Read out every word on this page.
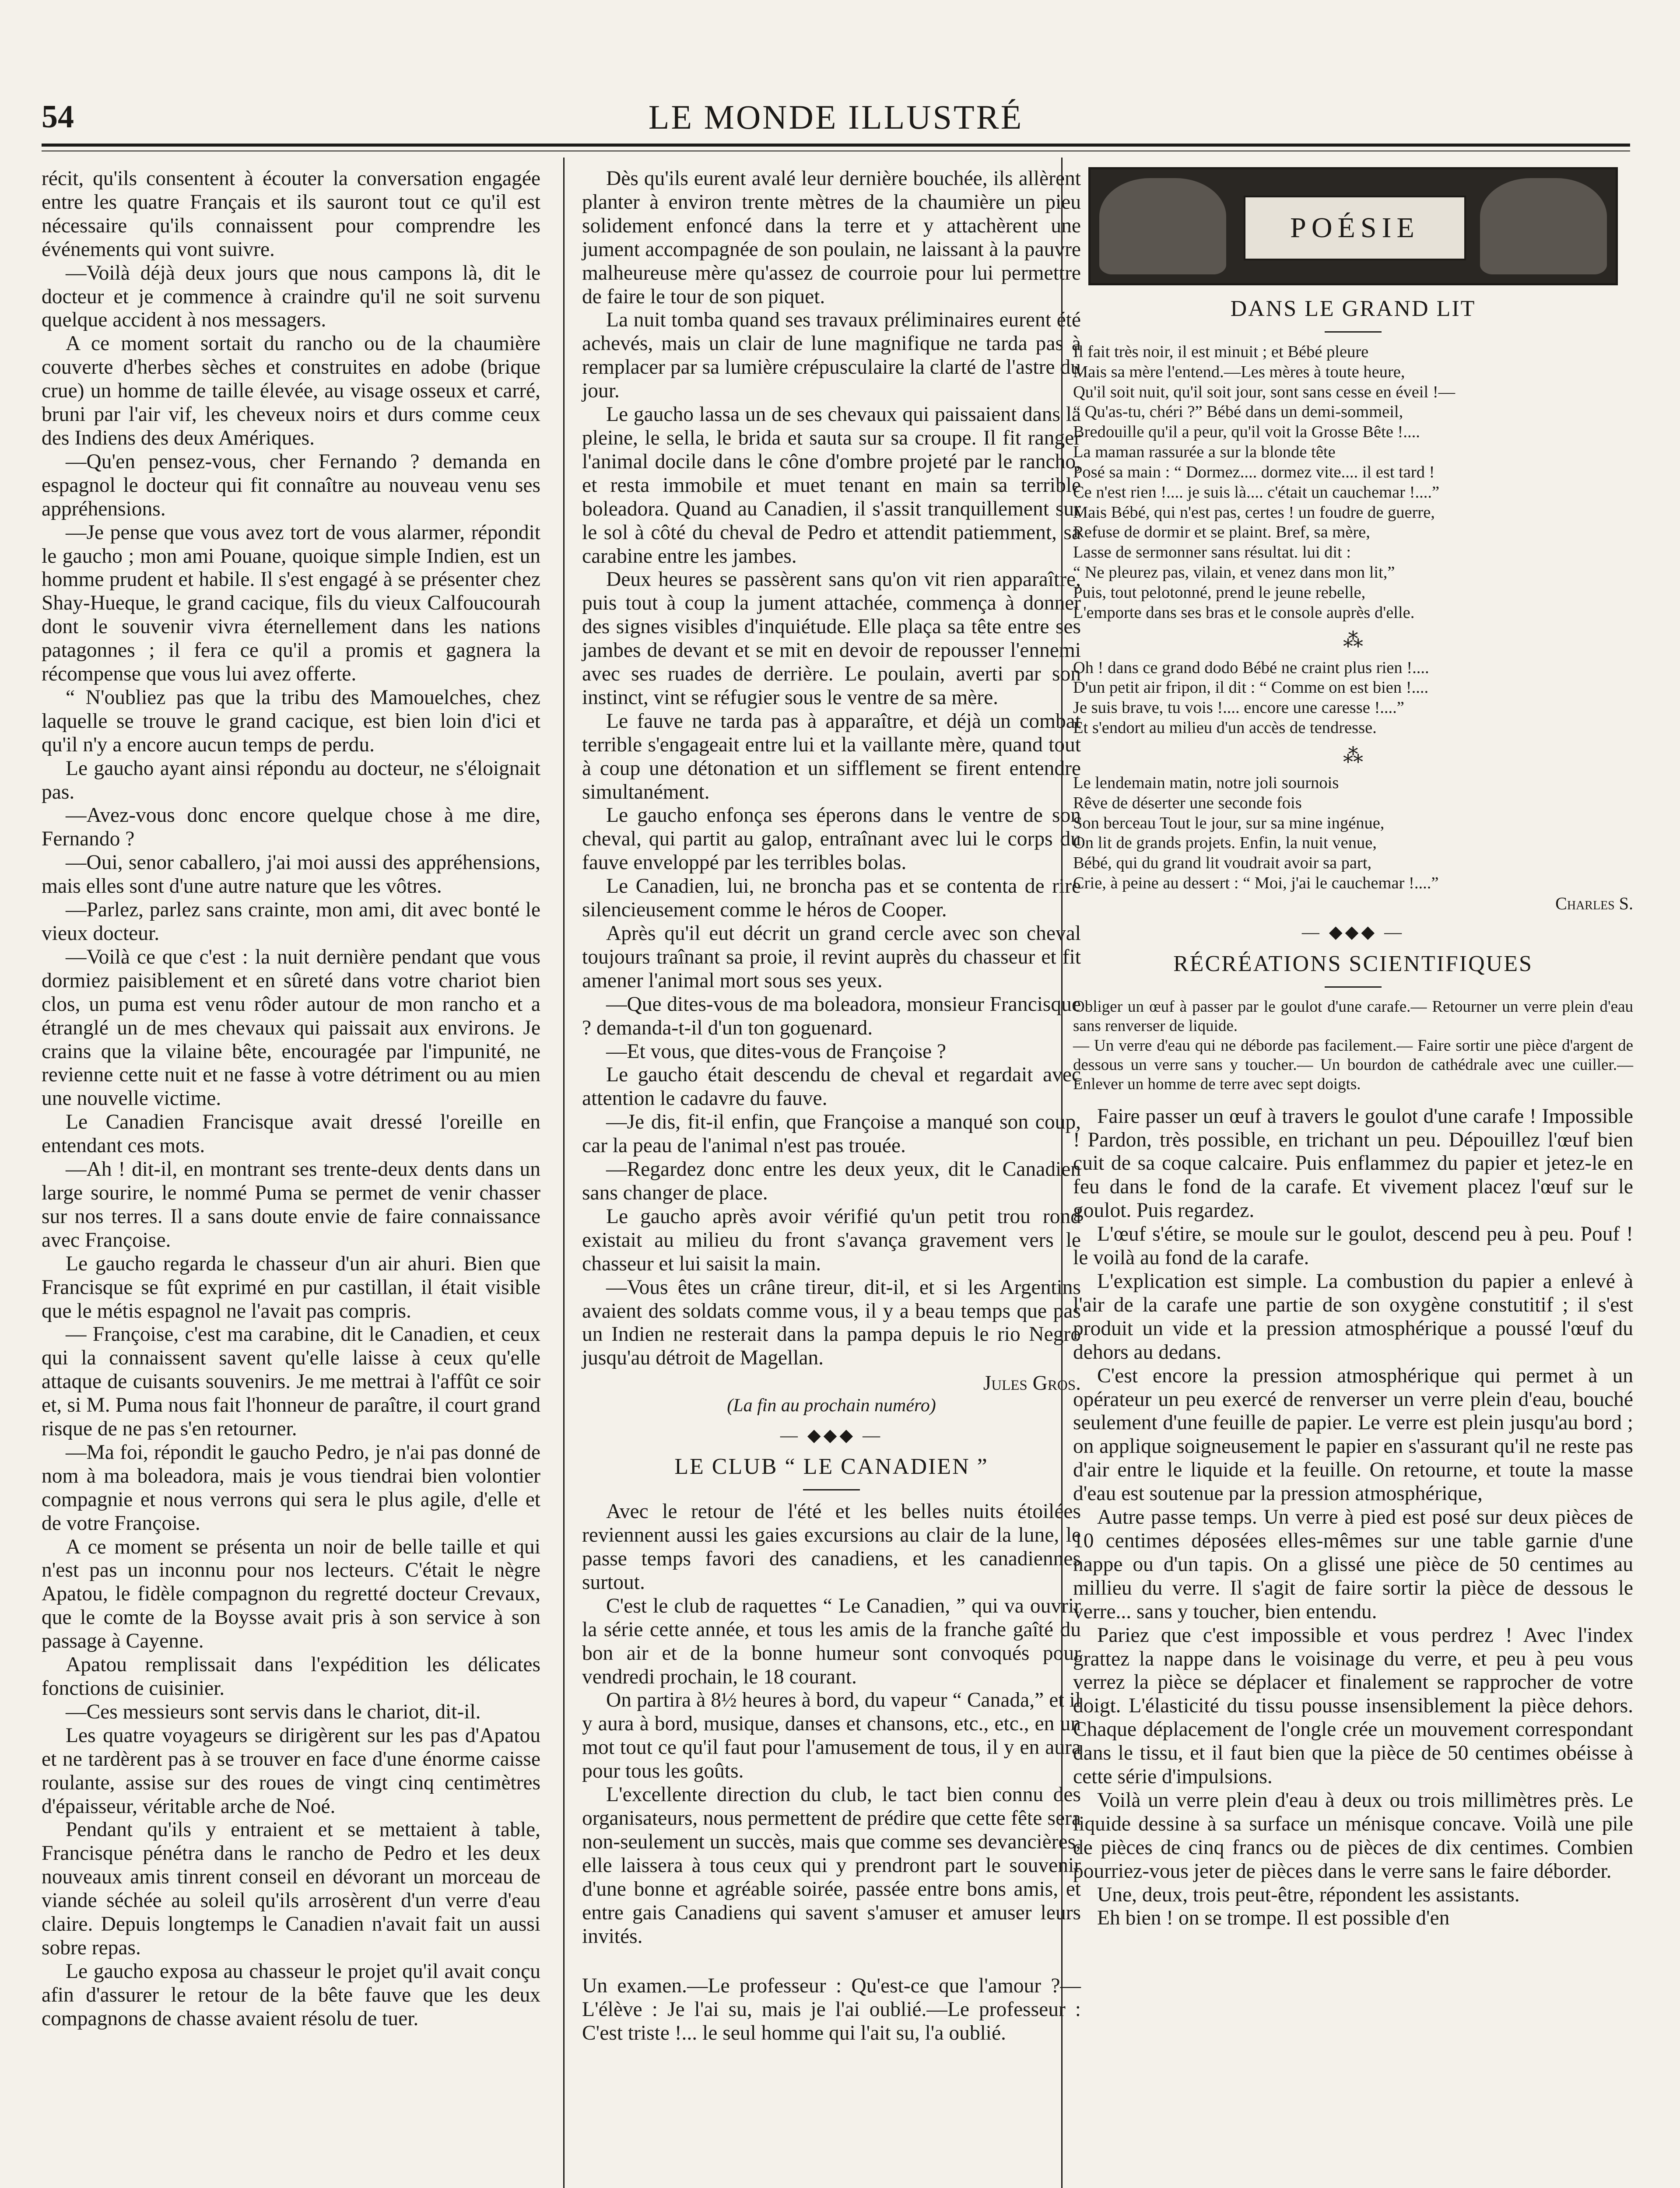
54	LE MONDE ILLUSTRÉ

récit, qu'ils consentent à écouter la conversation engagée entre les quatre Français et ils sauront tout ce qu'il est nécessaire qu'ils connaissent pour comprendre les événements qui vont suivre.

—Voilà déjà deux jours que nous campons là, dit le docteur et je commence à craindre qu'il ne soit survenu quelque accident à nos messagers.

A ce moment sortait du rancho ou de la chaumière couverte d'herbes sèches et construites en adobe (brique crue) un homme de taille élevée, au visage osseux et carré, bruni par l'air vif, les cheveux noirs et durs comme ceux des Indiens des deux Amériques.

—Qu'en pensez-vous, cher Fernando ? demanda en espagnol le docteur qui fit connaître au nouveau venu ses appréhensions.

—Je pense que vous avez tort de vous alarmer, répondit le gaucho ; mon ami Pouane, quoique simple Indien, est un homme prudent et habile. Il s'est engagé à se présenter chez Shay-Hueque, le grand cacique, fils du vieux Calfoucourah dont le souvenir vivra éternellement dans les nations patagonnes ; il fera ce qu'il a promis et gagnera la récompense que vous lui avez offerte.

“ N'oubliez pas que la tribu des Mamouelches, chez laquelle se trouve le grand cacique, est bien loin d'ici et qu'il n'y a encore aucun temps de perdu.

Le gaucho ayant ainsi répondu au docteur, ne s'éloignait pas.

—Avez-vous donc encore quelque chose à me dire, Fernando ?

—Oui, senor caballero, j'ai moi aussi des appréhensions, mais elles sont d'une autre nature que les vôtres.

—Parlez, parlez sans crainte, mon ami, dit avec bonté le vieux docteur.

—Voilà ce que c'est : la nuit dernière pendant que vous dormiez paisiblement et en sûreté dans votre chariot bien clos, un puma est venu rôder autour de mon rancho et a étranglé un de mes chevaux qui paissait aux environs. Je crains que la vilaine bête, encouragée par l'impunité, ne revienne cette nuit et ne fasse à votre détriment ou au mien une nouvelle victime.

Le Canadien Francisque avait dressé l'oreille en entendant ces mots.

—Ah ! dit-il, en montrant ses trente-deux dents dans un large sourire, le nommé Puma se permet de venir chasser sur nos terres. Il a sans doute envie de faire connaissance avec Françoise.

Le gaucho regarda le chasseur d'un air ahuri. Bien que Francisque se fût exprimé en pur castillan, il était visible que le métis espagnol ne l'avait pas compris.

— Françoise, c'est ma carabine, dit le Canadien, et ceux qui la connaissent savent qu'elle laisse à ceux qu'elle attaque de cuisants souvenirs. Je me mettrai à l'affût ce soir et, si M. Puma nous fait l'honneur de paraître, il court grand risque de ne pas s'en retourner.

—Ma foi, répondit le gaucho Pedro, je n'ai pas donné de nom à ma boleadora, mais je vous tiendrai bien volontier compagnie et nous verrons qui sera le plus agile, d'elle et de votre Françoise.

A ce moment se présenta un noir de belle taille et qui n'est pas un inconnu pour nos lecteurs. C'était le nègre Apatou, le fidèle compagnon du regretté docteur Crevaux, que le comte de la Boysse avait pris à son service à son passage à Cayenne.

Apatou remplissait dans l'expédition les délicates fonctions de cuisinier.

—Ces messieurs sont servis dans le chariot, dit-il.

Les quatre voyageurs se dirigèrent sur les pas d'Apatou et ne tardèrent pas à se trouver en face d'une énorme caisse roulante, assise sur des roues de vingt cinq centimètres d'épaisseur, véritable arche de Noé.

Pendant qu'ils y entraient et se mettaient à table, Francisque pénétra dans le rancho de Pedro et les deux nouveaux amis tinrent conseil en dévorant un morceau de viande séchée au soleil qu'ils arrosèrent d'un verre d'eau claire. Depuis longtemps le Canadien n'avait fait un aussi sobre repas.

Le gaucho exposa au chasseur le projet qu'il avait conçu afin d'assurer le retour de la bête fauve que les deux compagnons de chasse avaient résolu de tuer.

Dès qu'ils eurent avalé leur dernière bouchée, ils allèrent planter à environ trente mètres de la chaumière un pieu solidement enfoncé dans la terre et y attachèrent une jument accompagnée de son poulain, ne laissant à la pauvre malheureuse mère qu'assez de courroie pour lui permettre de faire le tour de son piquet.

La nuit tomba quand ses travaux préliminaires eurent été achevés, mais un clair de lune magnifique ne tarda pas à remplacer par sa lumière crépusculaire la clarté de l'astre du jour.

Le gaucho lassa un de ses chevaux qui paissaient dans la pleine, le sella, le brida et sauta sur sa croupe. Il fit ranger l'animal docile dans le cône d'ombre projeté par le rancho, et resta immobile et muet tenant en main sa terrible boleadora. Quand au Canadien, il s'assit tranquillement sur le sol à côté du cheval de Pedro et attendit patiemment, sa carabine entre les jambes.

Deux heures se passèrent sans qu'on vit rien apparaître, puis tout à coup la jument attachée, commença à donner des signes visibles d'inquiétude. Elle plaça sa tête entre ses jambes de devant et se mit en devoir de repousser l'ennemi avec ses ruades de derrière. Le poulain, averti par son instinct, vint se réfugier sous le ventre de sa mère.

Le fauve ne tarda pas à apparaître, et déjà un combat terrible s'engageait entre lui et la vaillante mère, quand tout à coup une détonation et un sifflement se firent entendre simultanément.

Le gaucho enfonça ses éperons dans le ventre de son cheval, qui partit au galop, entraînant avec lui le corps du fauve enveloppé par les terribles bolas.

Le Canadien, lui, ne broncha pas et se contenta de rire silencieusement comme le héros de Cooper.

Après qu'il eut décrit un grand cercle avec son cheval toujours traînant sa proie, il revint auprès du chasseur et fit amener l'animal mort sous ses yeux.

—Que dites-vous de ma boleadora, monsieur Francisque ? demanda-t-il d'un ton goguenard.

—Et vous, que dites-vous de Françoise ?

Le gaucho était descendu de cheval et regardait avec attention le cadavre du fauve.

—Je dis, fit-il enfin, que Françoise a manqué son coup, car la peau de l'animal n'est pas trouée.

—Regardez donc entre les deux yeux, dit le Canadien sans changer de place.

Le gaucho après avoir vérifié qu'un petit trou rond existait au milieu du front s'avança gravement vers le chasseur et lui saisit la main.

—Vous êtes un crâne tireur, dit-il, et si les Argentins avaient des soldats comme vous, il y a beau temps que pas un Indien ne resterait dans la pampa depuis le rio Negro jusqu'au détroit de Magellan.

Jules Gros.
(La fin au prochain numéro)
— ◆◆◆ —
LE CLUB “ LE CANADIEN ”

Avec le retour de l'été et les belles nuits étoilées reviennent aussi les gaies excursions au clair de la lune, le passe temps favori des canadiens, et les canadiennes surtout.

C'est le club de raquettes “ Le Canadien, ” qui va ouvrir la série cette année, et tous les amis de la franche gaîté du bon air et de la bonne humeur sont convoqués pour vendredi prochain, le 18 courant.

On partira à 8½ heures à bord, du vapeur “ Canada,” et il y aura à bord, musique, danses et chansons, etc., etc., en un mot tout ce qu'il faut pour l'amusement de tous, il y en aura pour tous les goûts.

L'excellente direction du club, le tact bien connu des organisateurs, nous permettent de prédire que cette fête sera non-seulement un succès, mais que comme ses devancières, elle laissera à tous ceux qui y prendront part le souvenir d'une bonne et agréable soirée, passée entre bons amis, et entre gais Canadiens qui savent s'amuser et amuser leurs invités.

Un examen.—Le professeur : Qu'est-ce que l'amour ?—L'élève : Je l'ai su, mais je l'ai oublié.—Le professeur : C'est triste !... le seul homme qui l'ait su, l'a oublié.

POÉSIE
DANS LE GRAND LIT
Il fait très noir, il est minuit ; et Bébé pleure
Mais sa mère l'entend.—Les mères à toute heure,
Qu'il soit nuit, qu'il soit jour, sont sans cesse en éveil !—
“ Qu'as-tu, chéri ?” Bébé dans un demi-sommeil,
Bredouille qu'il a peur, qu'il voit la Grosse Bête !....
La maman rassurée a sur la blonde tête
Posé sa main : “ Dormez.... dormez vite.... il est tard !
Ce n'est rien !.... je suis là.... c'était un cauchemar !....”
Mais Bébé, qui n'est pas, certes ! un foudre de guerre,
Refuse de dormir et se plaint. Bref, sa mère,
Lasse de sermonner sans résultat. lui dit :
“ Ne pleurez pas, vilain, et venez dans mon lit,”
Puis, tout pelotonné, prend le jeune rebelle,
L'emporte dans ses bras et le console auprès d'elle.
⁂
Oh ! dans ce grand dodo Bébé ne craint plus rien !....
D'un petit air fripon, il dit : “ Comme on est bien !....
Je suis brave, tu vois !.... encore une caresse !....”
Et s'endort au milieu d'un accès de tendresse.
⁂
Le lendemain matin, notre joli sournois
Rêve de déserter une seconde fois
Son berceau Tout le jour, sur sa mine ingénue,
On lit de grands projets. Enfin, la nuit venue,
Bébé, qui du grand lit voudrait avoir sa part,
Crie, à peine au dessert : “ Moi, j'ai le cauchemar !....”
Charles S.
— ◆◆◆ —
RÉCRÉATIONS SCIENTIFIQUES
Obliger un œuf à passer par le goulot d'une carafe.— Retourner un verre plein d'eau sans renverser de liquide.
— Un verre d'eau qui ne déborde pas facilement.— Faire sortir une pièce d'argent de dessous un verre sans y toucher.— Un bourdon de cathédrale avec une cuiller.— Enlever un homme de terre avec sept doigts.

Faire passer un œuf à travers le goulot d'une carafe ! Impossible ! Pardon, très possible, en trichant un peu. Dépouillez l'œuf bien cuit de sa coque calcaire. Puis enflammez du papier et jetez-le en feu dans le fond de la carafe. Et vivement placez l'œuf sur le goulot. Puis regardez.

L'œuf s'étire, se moule sur le goulot, descend peu à peu. Pouf ! le voilà au fond de la carafe.

L'explication est simple. La combustion du papier a enlevé à l'air de la carafe une partie de son oxygène constutitif ; il s'est produit un vide et la pression atmosphérique a poussé l'œuf du dehors au dedans.

C'est encore la pression atmosphérique qui permet à un opérateur un peu exercé de renverser un verre plein d'eau, bouché seulement d'une feuille de papier. Le verre est plein jusqu'au bord ; on applique soigneusement le papier en s'assurant qu'il ne reste pas d'air entre le liquide et la feuille. On retourne, et toute la masse d'eau est soutenue par la pression atmosphérique,

Autre passe temps. Un verre à pied est posé sur deux pièces de 10 centimes déposées elles-mêmes sur une table garnie d'une nappe ou d'un tapis. On a glissé une pièce de 50 centimes au millieu du verre. Il s'agit de faire sortir la pièce de dessous le verre... sans y toucher, bien entendu.

Pariez que c'est impossible et vous perdrez ! Avec l'index grattez la nappe dans le voisinage du verre, et peu à peu vous verrez la pièce se déplacer et finalement se rapprocher de votre doigt. L'élasticité du tissu pousse insensiblement la pièce dehors. Chaque déplacement de l'ongle crée un mouvement correspondant dans le tissu, et il faut bien que la pièce de 50 centimes obéisse à cette série d'impulsions.

Voilà un verre plein d'eau à deux ou trois millimètres près. Le liquide dessine à sa surface un ménisque concave. Voilà une pile de pièces de cinq francs ou de pièces de dix centimes. Combien pourriez-vous jeter de pièces dans le verre sans le faire déborder.

Une, deux, trois peut-être, répondent les assistants.

Eh bien ! on se trompe. Il est possible d'en
